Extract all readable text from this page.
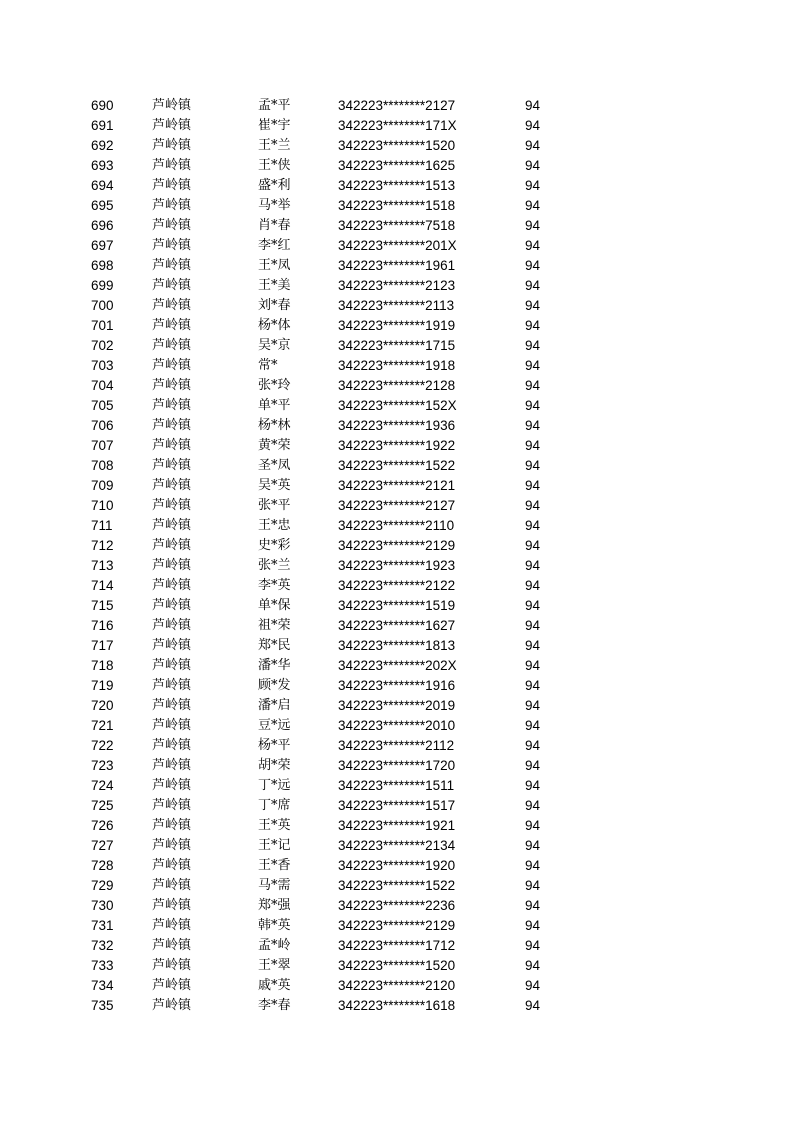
690	芦岭镇	孟*平	342223********2127	94
691	芦岭镇	崔*宇	342223********171X	94
692	芦岭镇	王*兰	342223********1520	94
693	芦岭镇	王*侠	342223********1625	94
694	芦岭镇	盛*利	342223********1513	94
695	芦岭镇	马*举	342223********1518	94
696	芦岭镇	肖*春	342223********7518	94
697	芦岭镇	李*红	342223********201X	94
698	芦岭镇	王*凤	342223********1961	94
699	芦岭镇	王*美	342223********2123	94
700	芦岭镇	刘*春	342223********2113	94
701	芦岭镇	杨*体	342223********1919	94
702	芦岭镇	吴*京	342223********1715	94
703	芦岭镇	常*	342223********1918	94
704	芦岭镇	张*玲	342223********2128	94
705	芦岭镇	单*平	342223********152X	94
706	芦岭镇	杨*林	342223********1936	94
707	芦岭镇	黄*荣	342223********1922	94
708	芦岭镇	圣*凤	342223********1522	94
709	芦岭镇	吴*英	342223********2121	94
710	芦岭镇	张*平	342223********2127	94
711	芦岭镇	王*忠	342223********2110	94
712	芦岭镇	史*彩	342223********2129	94
713	芦岭镇	张*兰	342223********1923	94
714	芦岭镇	李*英	342223********2122	94
715	芦岭镇	单*保	342223********1519	94
716	芦岭镇	祖*荣	342223********1627	94
717	芦岭镇	郑*民	342223********1813	94
718	芦岭镇	潘*华	342223********202X	94
719	芦岭镇	顾*发	342223********1916	94
720	芦岭镇	潘*启	342223********2019	94
721	芦岭镇	豆*远	342223********2010	94
722	芦岭镇	杨*平	342223********2112	94
723	芦岭镇	胡*荣	342223********1720	94
724	芦岭镇	丁*远	342223********1511	94
725	芦岭镇	丁*席	342223********1517	94
726	芦岭镇	王*英	342223********1921	94
727	芦岭镇	王*记	342223********2134	94
728	芦岭镇	王*香	342223********1920	94
729	芦岭镇	马*需	342223********1522	94
730	芦岭镇	郑*强	342223********2236	94
731	芦岭镇	韩*英	342223********2129	94
732	芦岭镇	孟*岭	342223********1712	94
733	芦岭镇	王*翠	342223********1520	94
734	芦岭镇	戚*英	342223********2120	94
735	芦岭镇	李*春	342223********1618	94
